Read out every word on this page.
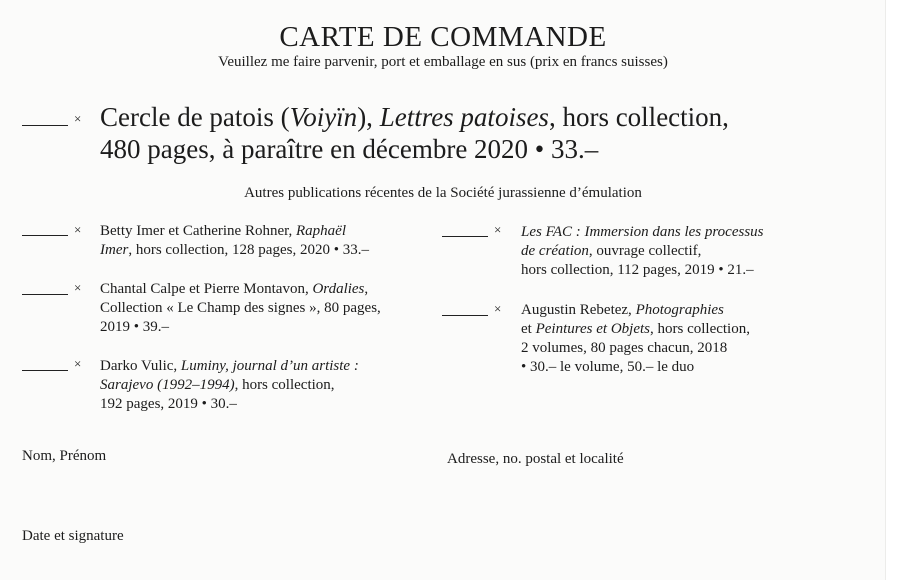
CARTE DE COMMANDE
Veuillez me faire parvenir, port et emballage en sus (prix en francs suisses)
× Cercle de patois (Voiyïn), Lettres patoises, hors collection,
480 pages, à paraître en décembre 2020 • 33.–
Autres publications récentes de la Société jurassienne d’émulation
× Betty Imer et Catherine Rohner, Raphaël
Imer, hors collection, 128 pages, 2020 • 33.–
× Chantal Calpe et Pierre Montavon, Ordalies,
Collection « Le Champ des signes », 80 pages,
2019 • 39.–
× Darko Vulic, Luminy, journal d’un artiste :
Sarajevo (1992–1994), hors collection,
192 pages, 2019 • 30.–
× Les FAC : Immersion dans les processus
de création, ouvrage collectif,
hors collection, 112 pages, 2019 • 21.–
× Augustin Rebetez, Photographies
et Peintures et Objets, hors collection,
2 volumes, 80 pages chacun, 2018
• 30.– le volume, 50.– le duo
Nom, Prénom	Adresse, no. postal et localité
Date et signature
